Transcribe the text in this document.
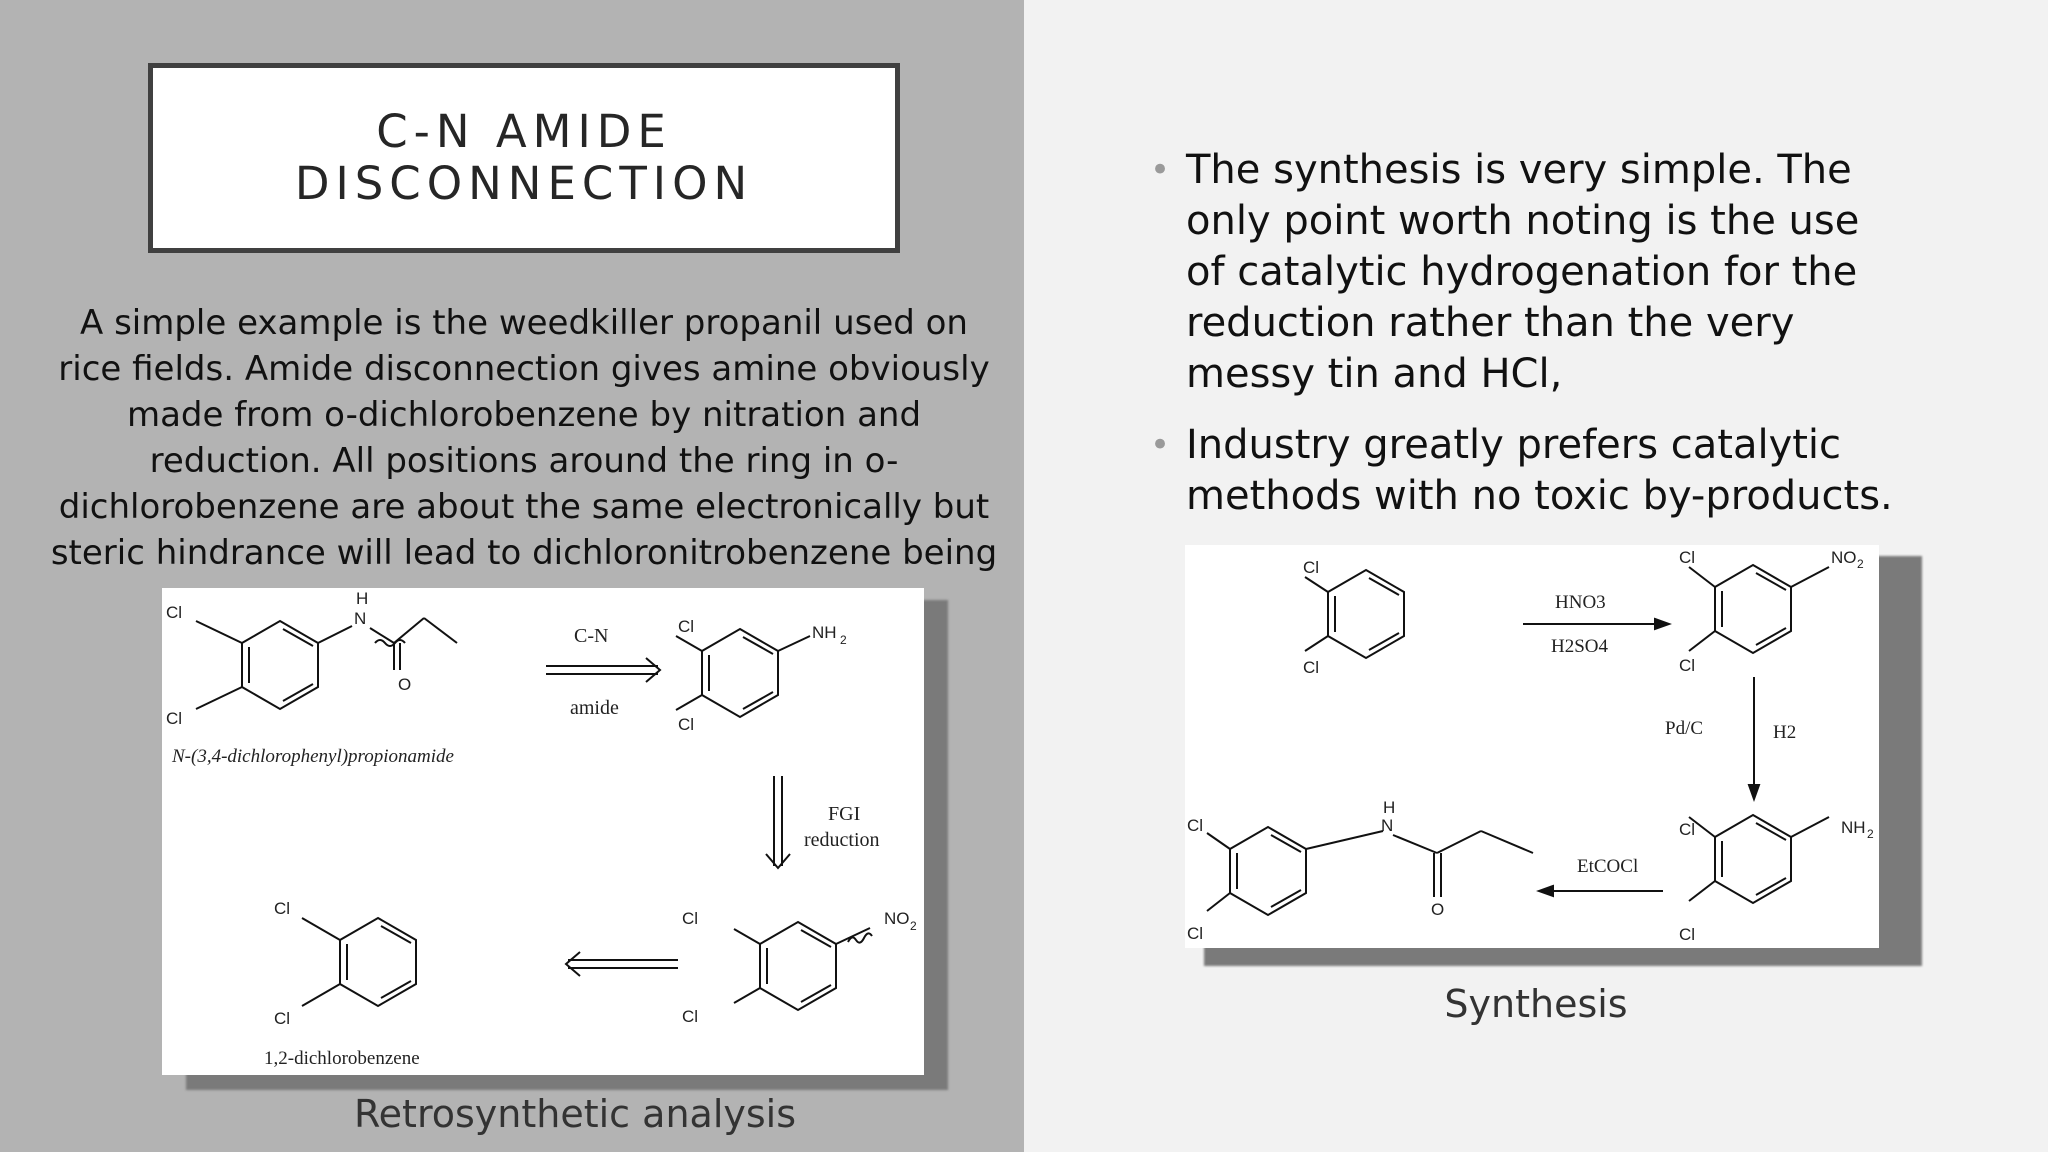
C-N AMIDE DISCONNECTION
A simple example is the weedkiller propanil used on rice fields. Amide disconnection gives amine obviously made from o-dichlorobenzene by nitration and reduction. All positions around the ring in o-dichlorobenzene are about the same electronically but steric hindrance will lead to dichloronitrobenzene being
Cl
Cl
H
N
O
N-(3,4-dichlorophenyl)propionamide
C-N
amide
Cl
Cl
NH 2
FGI
reduction
Cl
Cl
NO 2
Cl
Cl
1,2-dichlorobenzene
Retrosynthetic analysis
• The synthesis is very simple. The only point worth noting is the use of catalytic hydrogenation for the reduction rather than the very messy tin and HCl,
• Industry greatly prefers catalytic methods with no toxic by-products.
Cl
Cl
HNO3
H2SO4
Cl
Cl
NO 2
Pd/C	H2
Cl
Cl
NH 2
EtCOCl
Cl
Cl
H
N
O
Synthesis
